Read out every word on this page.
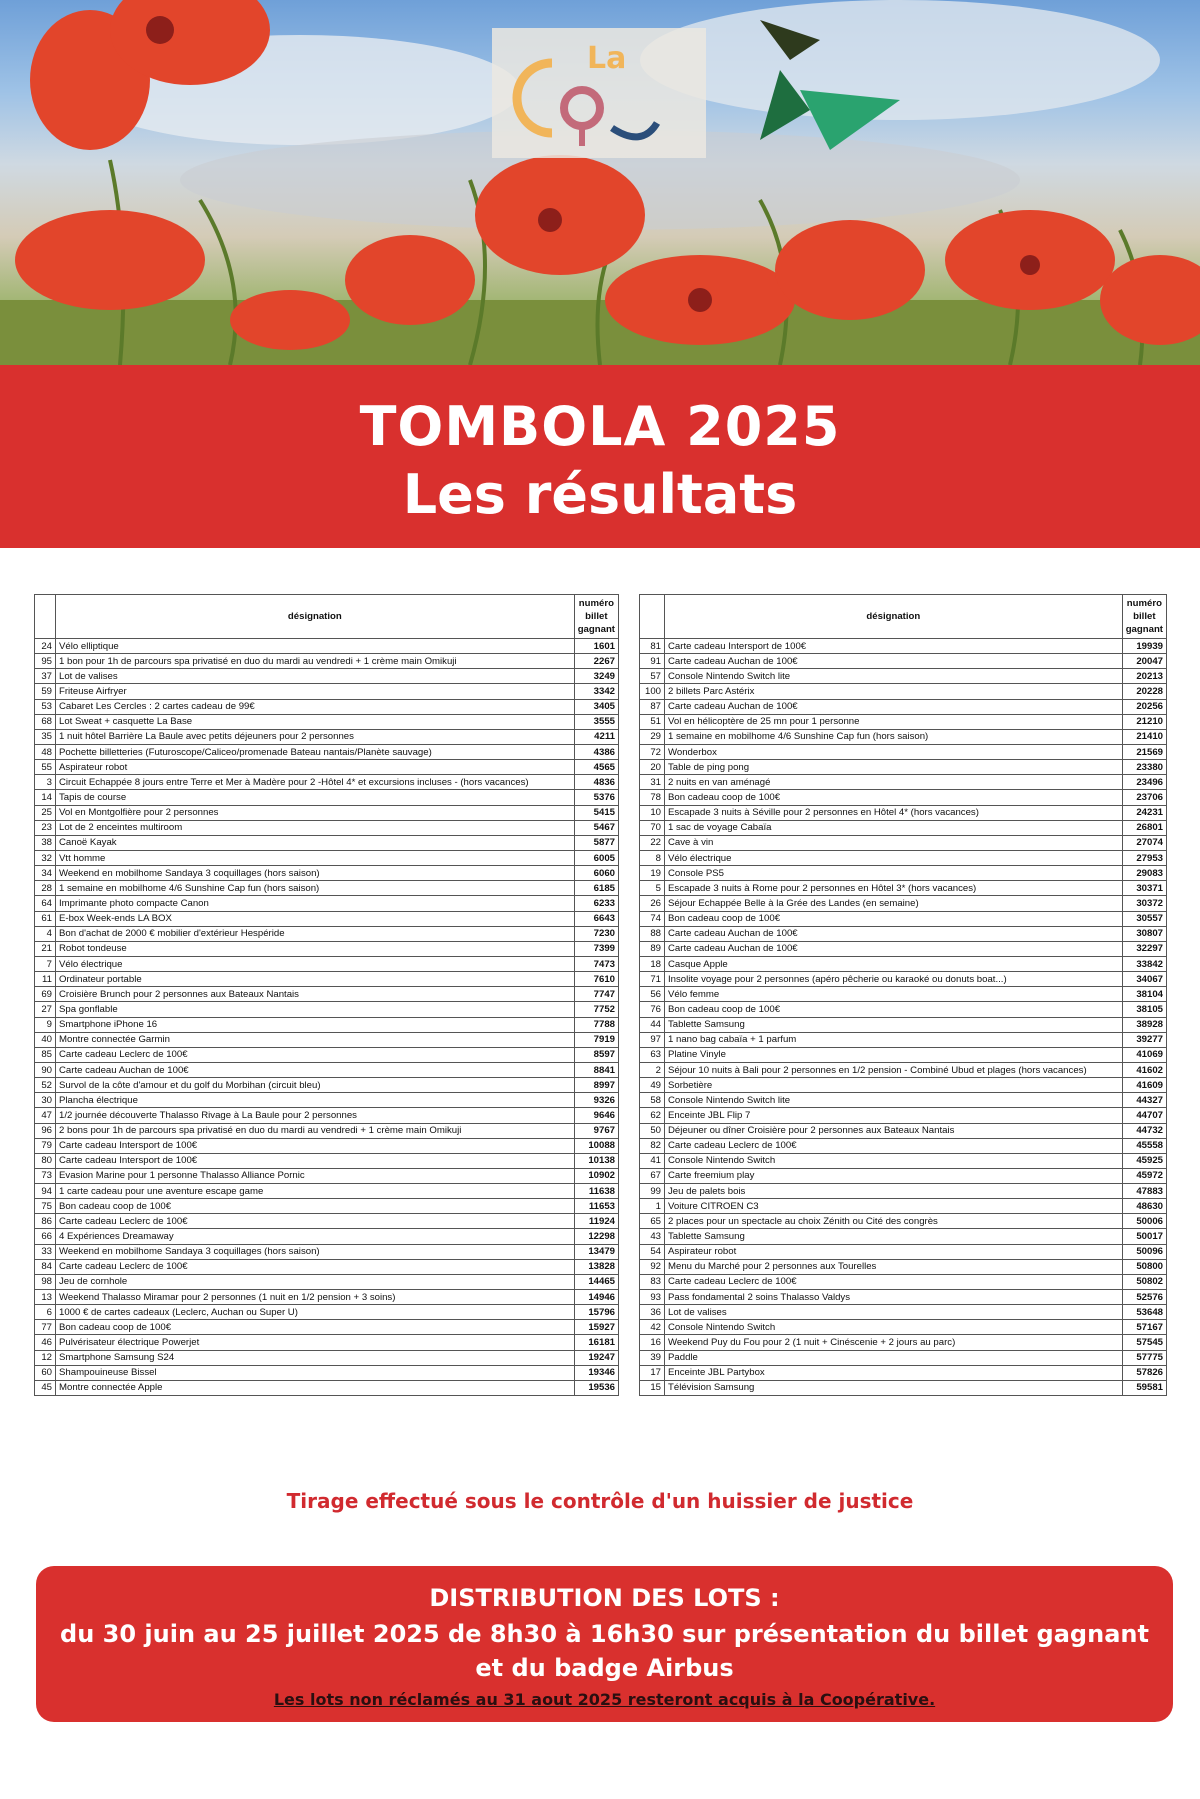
La
TOMBOLA 2025
Les résultats
	désignation	numéro billet gagnant
24	Vélo elliptique	1601
95	1 bon pour 1h de parcours spa privatisé en duo du mardi au vendredi + 1 crème main Omikuji	2267
37	Lot de valises	3249
59	Friteuse Airfryer	3342
53	Cabaret Les Cercles : 2 cartes cadeau de 99€	3405
68	Lot Sweat + casquette La Base	3555
35	1 nuit hôtel Barrière La Baule avec petits déjeuners pour 2 personnes	4211
48	Pochette billetteries (Futuroscope/Caliceo/promenade Bateau nantais/Planète sauvage)	4386
55	Aspirateur robot	4565
3	Circuit Echappée 8 jours entre Terre et Mer à Madère pour 2 -Hôtel 4* et excursions incluses - (hors vacances)	4836
14	Tapis de course	5376
25	Vol en Montgolfière pour 2 personnes	5415
23	Lot de 2 enceintes multiroom	5467
38	Canoë Kayak	5877
32	Vtt homme	6005
34	Weekend en mobilhome Sandaya 3 coquillages (hors saison)	6060
28	1 semaine en mobilhome 4/6 Sunshine Cap fun (hors saison)	6185
64	Imprimante photo compacte Canon	6233
61	E-box Week-ends LA BOX	6643
4	Bon d'achat de 2000 € mobilier d'extérieur Hespéride	7230
21	Robot tondeuse	7399
7	Vélo électrique	7473
11	Ordinateur portable	7610
69	Croisière Brunch pour 2 personnes aux Bateaux Nantais	7747
27	Spa gonflable	7752
9	Smartphone iPhone 16	7788
40	Montre connectée Garmin	7919
85	Carte cadeau Leclerc de 100€	8597
90	Carte cadeau Auchan de 100€	8841
52	Survol de la côte d'amour et du golf du Morbihan (circuit bleu)	8997
30	Plancha électrique	9326
47	1/2 journée découverte Thalasso Rivage à La Baule pour 2 personnes	9646
96	2 bons pour 1h de parcours spa privatisé en duo du mardi au vendredi + 1 crème main Omikuji	9767
79	Carte cadeau Intersport de 100€	10088
80	Carte cadeau Intersport de 100€	10138
73	Evasion Marine pour 1 personne Thalasso Alliance Pornic	10902
94	1 carte cadeau pour une aventure escape game	11638
75	Bon cadeau coop de 100€	11653
86	Carte cadeau Leclerc de 100€	11924
66	4 Expériences Dreamaway	12298
33	Weekend en mobilhome Sandaya 3 coquillages (hors saison)	13479
84	Carte cadeau Leclerc de 100€	13828
98	Jeu de cornhole	14465
13	Weekend Thalasso Miramar pour 2 personnes (1 nuit en 1/2 pension + 3 soins)	14946
6	1000 € de cartes cadeaux (Leclerc, Auchan ou Super U)	15796
77	Bon cadeau coop de 100€	15927
46	Pulvérisateur électrique Powerjet	16181
12	Smartphone Samsung S24	19247
60	Shampouineuse Bissel	19346
45	Montre connectée Apple	19536
	désignation	numéro billet gagnant
81	Carte cadeau Intersport de 100€	19939
91	Carte cadeau Auchan de 100€	20047
57	Console Nintendo Switch lite	20213
100	2 billets Parc Astérix	20228
87	Carte cadeau Auchan de 100€	20256
51	Vol en hélicoptère de 25 mn pour 1 personne	21210
29	1 semaine en mobilhome 4/6 Sunshine Cap fun (hors saison)	21410
72	Wonderbox	21569
20	Table de ping pong	23380
31	2 nuits en van aménagé	23496
78	Bon cadeau coop de 100€	23706
10	Escapade 3 nuits à Séville pour 2 personnes en Hôtel 4* (hors vacances)	24231
70	1 sac de voyage Cabaïa	26801
22	Cave à vin	27074
8	Vélo électrique	27953
19	Console PS5	29083
5	Escapade 3 nuits à Rome pour 2 personnes en Hôtel 3* (hors vacances)	30371
26	Séjour Echappée Belle à la Grée des Landes (en semaine)	30372
74	Bon cadeau coop de 100€	30557
88	Carte cadeau Auchan de 100€	30807
89	Carte cadeau Auchan de 100€	32297
18	Casque Apple	33842
71	Insolite voyage pour 2 personnes (apéro pêcherie ou karaoké ou donuts boat...)	34067
56	Vélo femme	38104
76	Bon cadeau coop de 100€	38105
44	Tablette Samsung	38928
97	1 nano bag cabaïa + 1 parfum	39277
63	Platine Vinyle	41069
2	Séjour 10 nuits à Bali pour 2 personnes en 1/2 pension - Combiné Ubud et plages (hors vacances)	41602
49	Sorbetière	41609
58	Console Nintendo Switch lite	44327
62	Enceinte JBL Flip 7	44707
50	Déjeuner ou dîner Croisière pour 2 personnes aux Bateaux Nantais	44732
82	Carte cadeau Leclerc de 100€	45558
41	Console Nintendo Switch	45925
67	Carte freemium play	45972
99	Jeu de palets bois	47883
1	Voiture CITROEN C3	48630
65	2 places pour un spectacle au choix Zénith ou Cité des congrès	50006
43	Tablette Samsung	50017
54	Aspirateur robot	50096
92	Menu du Marché pour 2 personnes aux Tourelles	50800
83	Carte cadeau Leclerc de 100€	50802
93	Pass fondamental 2 soins Thalasso Valdys	52576
36	Lot de valises	53648
42	Console Nintendo Switch	57167
16	Weekend Puy du Fou pour 2 (1 nuit + Cinéscenie + 2 jours au parc)	57545
39	Paddle	57775
17	Enceinte JBL Partybox	57826
15	Télévision Samsung	59581
Tirage effectué sous le contrôle d'un huissier de justice
DISTRIBUTION DES LOTS :
du 30 juin au 25 juillet 2025 de 8h30 à 16h30 sur présentation du billet gagnant
et du badge Airbus
Les lots non réclamés au 31 aout 2025 resteront acquis à la Coopérative.
